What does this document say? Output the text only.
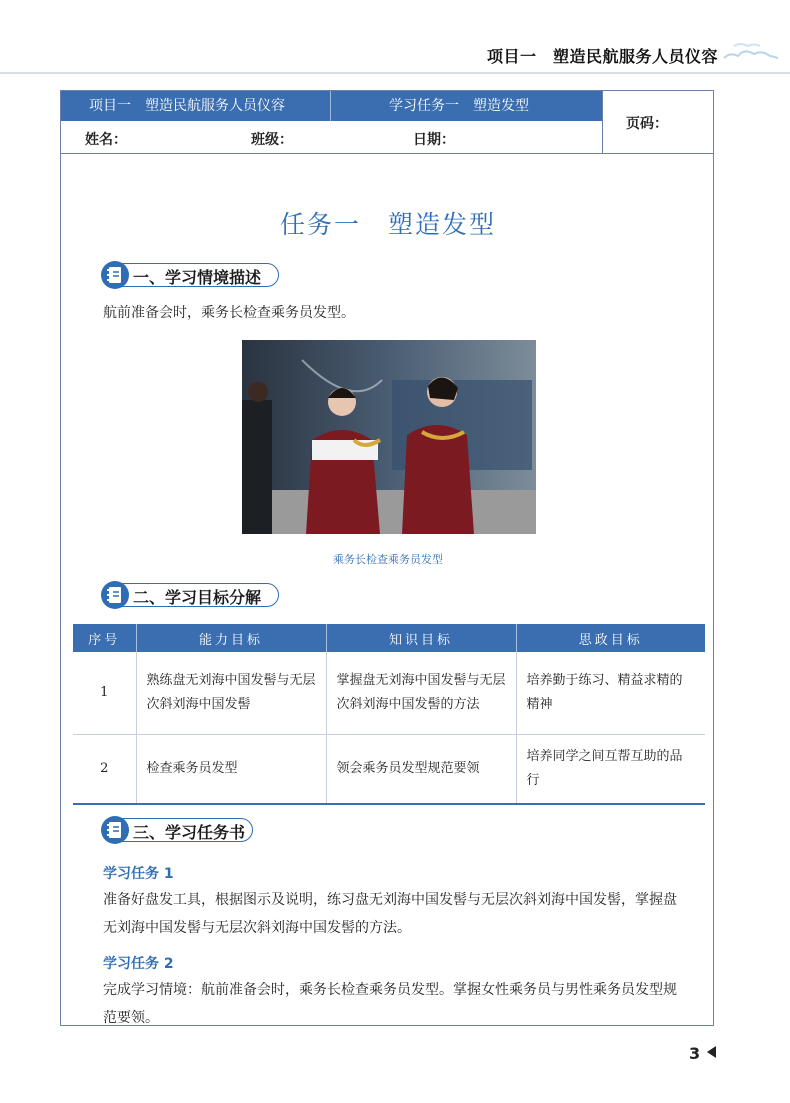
项目一　塑造民航服务人员仪容
项目一　塑造民航服务人员仪容	学习任务一　塑造发型
页码：
姓名：	班级：	日期：
任务一　塑造发型
一、学习情境描述
航前准备会时，乘务长检查乘务员发型。
乘务长检查乘务员发型
二、学习目标分解
序号	能力目标	知识目标	思政目标
1	熟练盘无刘海中国发髻与无层次斜刘海中国发髻	掌握盘无刘海中国发髻与无层次斜刘海中国发髻的方法	培养勤于练习、精益求精的精神
2	检查乘务员发型	领会乘务员发型规范要领	培养同学之间互帮互助的品行
三、学习任务书
学习任务 1
准备好盘发工具，根据图示及说明，练习盘无刘海中国发髻与无层次斜刘海中国发髻，掌握盘无刘海中国发髻与无层次斜刘海中国发髻的方法。
学习任务 2
完成学习情境：航前准备会时，乘务长检查乘务员发型。掌握女性乘务员与男性乘务员发型规范要领。
3
